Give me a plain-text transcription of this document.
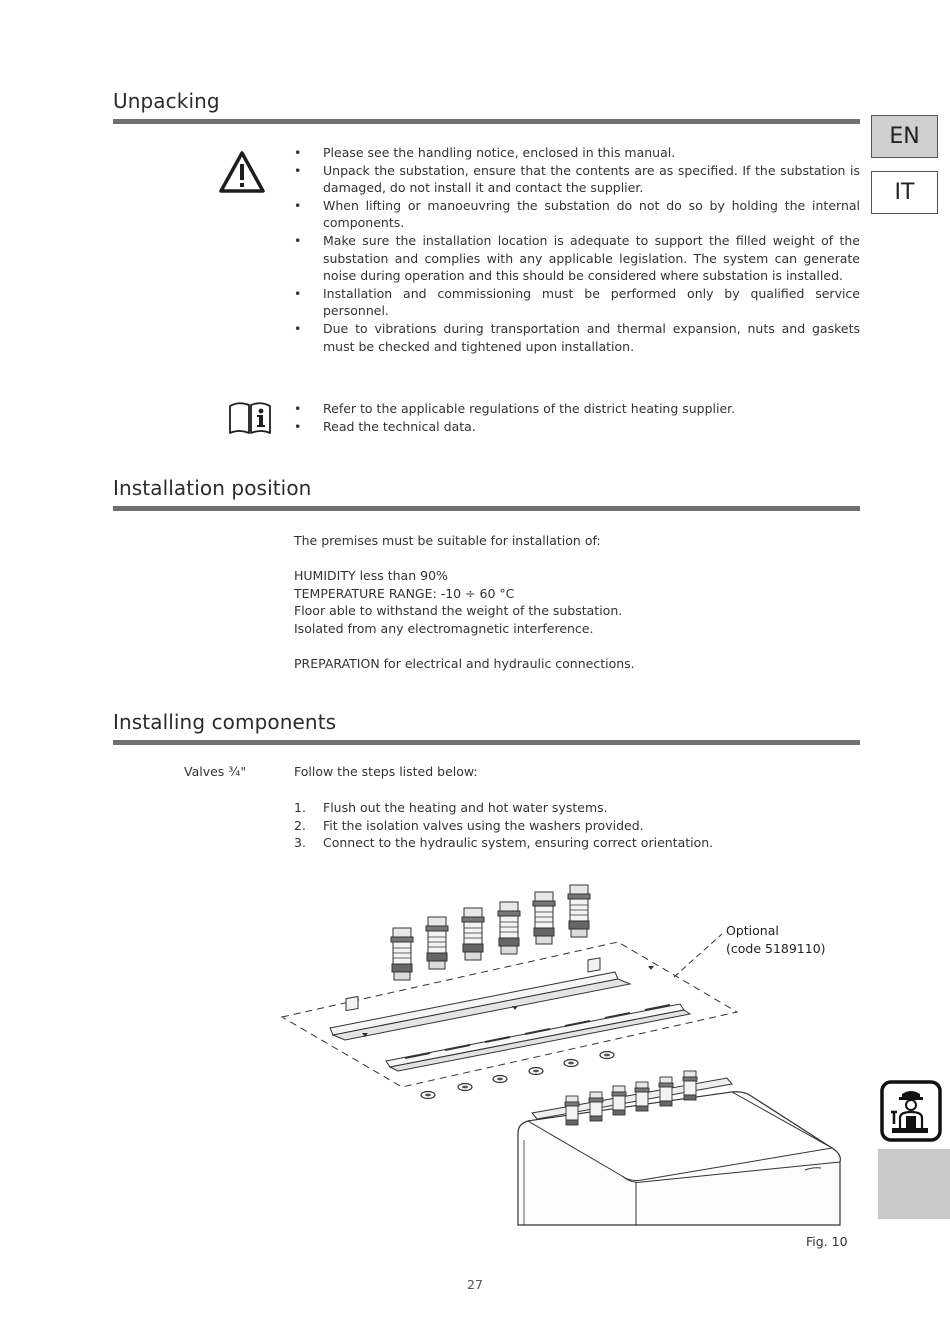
Unpacking
• Please see the handling notice, enclosed in this manual.
• Unpack the substation, ensure that the contents are as specified. If the substation is damaged, do not install it and contact the supplier.
• When lifting or manoeuvring the substation do not do so by holding the internal components.
• Make sure the installation location is adequate to support the filled weight of the substation and complies with any applicable legislation. The system can generate noise during operation and this should be considered where substation is installed.
• Installation and commissioning must be performed only by qualified service personnel.
• Due to vibrations during transportation and thermal expansion, nuts and gaskets must be checked and tightened upon installation.
• Refer to the applicable regulations of the district heating supplier.
• Read the technical data.
Installation position
The premises must be suitable for installation of:
HUMIDITY less than 90%
TEMPERATURE RANGE: -10 ÷ 60 °C
Floor able to withstand the weight of the substation.
Isolated from any electromagnetic interference.
PREPARATION for electrical and hydraulic connections.
Installing components
Valves ¾"	Follow the steps listed below:
1. Flush out the heating and hot water systems.
2. Fit the isolation valves using the washers provided.
3. Connect to the hydraulic system, ensuring correct orientation.
Optional
(code 5189110)
Fig. 10
27
EN
IT
